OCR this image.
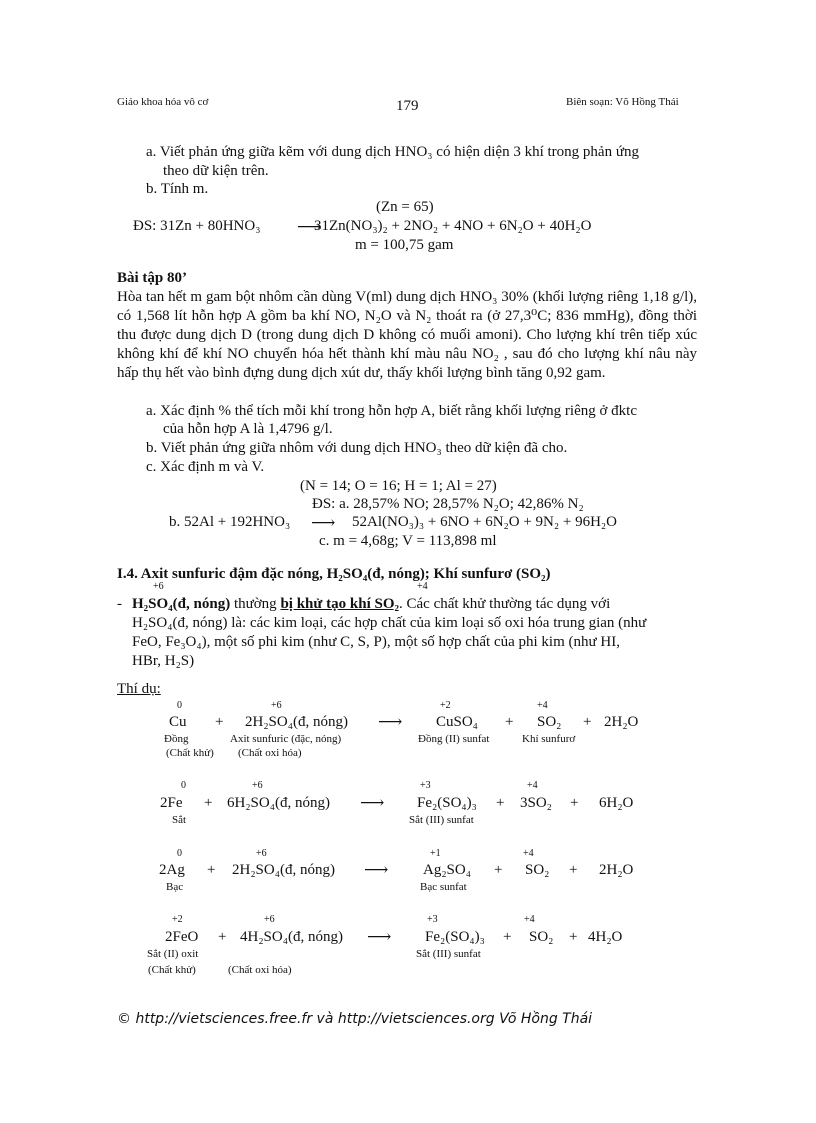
Giáo khoa hóa vô cơ	179	Biên soạn: Võ Hồng Thái
a. Viết phản ứng giữa kẽm với dung dịch HNO₃ có hiện diện 3 khí trong phản ứng
theo dữ kiện trên.
b. Tính m.
(Zn = 65)
ĐS: 31Zn + 80HNO₃ ⟶
31Zn(NO₃)₂ + 2NO₂ + 4NO + 6N₂O + 40H₂O
m = 100,75 gam
Bài tập 80’
Hòa tan hết m gam bột nhôm cần dùng V(ml) dung dịch HNO₃ 30% (khối lượng riêng 1,18 g/l), có 1,568 lít hỗn hợp A gồm ba khí NO, N₂O và N₂ thoát ra (ở 27,3⁰C; 836 mmHg), đồng thời thu được dung dịch D (trong dung dịch D không có muối amoni). Cho lượng khí trên tiếp xúc không khí để khí NO chuyển hóa hết thành khí màu nâu NO₂ , sau đó cho lượng khí nâu này hấp thụ hết vào bình đựng dung dịch xút dư, thấy khối lượng bình tăng 0,92 gam.
a. Xác định % thể tích mỗi khí trong hỗn hợp A, biết rằng khối lượng riêng ở đktc
của hỗn hợp A là 1,4796 g/l.
b. Viết phản ứng giữa nhôm với dung dịch HNO₃ theo dữ kiện đã cho.
c. Xác định m và V.
(N = 14; O = 16; H = 1; Al = 27)
ĐS: a. 28,57% NO; 28,57% N₂O; 42,86% N₂
b. 52Al + 192HNO₃ ⟶ 52Al(NO₃)₃ + 6NO + 6N₂O + 9N₂ + 96H₂O
c. m = 4,68g; V = 113,898 ml
I.4. Axit sunfuric đậm đặc nóng, H₂SO₄(đ, nóng); Khí sunfurơ (SO₂)
+6	+4
- H₂SO₄(đ, nóng) thường bị khử tạo khí SO₂. Các chất khử thường tác dụng với
H₂SO₄(đ, nóng) là: các kim loại, các hợp chất của kim loại số oxi hóa trung gian (như
FeO, Fe₃O₄), một số phi kim (như C, S, P), một số hợp chất của phi kim (như HI,
HBr, H₂S)
Thí dụ:
0	+6	+2	+4
Cu + 2H₂SO₄(đ, nóng) ⟶ CuSO₄ + SO₂ + 2H₂O
Đồng	Axit sunfuric (đặc, nóng)	Đồng (II) sunfat	Khí sunfurơ
(Chất khử) (Chất oxi hóa)
0	+6	+3	+4
2Fe + 6H₂SO₄(đ, nóng) ⟶ Fe₂(SO₄)₃ + 3SO₂ + 6H₂O
Sắt	Sắt (III) sunfat
0	+6	+1	+4
2Ag + 2H₂SO₄(đ, nóng) ⟶ Ag₂SO₄ + SO₂ + 2H₂O
Bạc	Bạc sunfat
+2	+6	+3	+4
2FeO + 4H₂SO₄(đ, nóng) ⟶ Fe₂(SO₄)₃ + SO₂ + 4H₂O
Sắt (II) oxit	Sắt (III) sunfat
(Chất khử)	(Chất oxi hóa)
© http://vietsciences.free.fr và http://vietsciences.org Võ Hồng Thái
